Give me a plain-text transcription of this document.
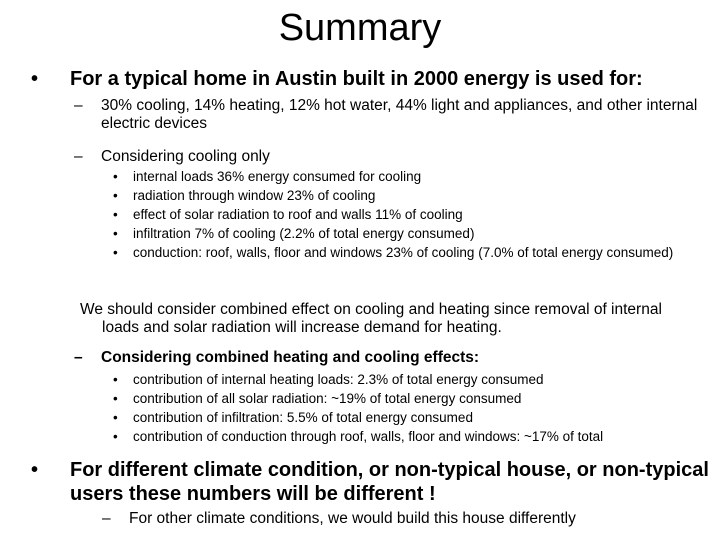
Summary
• For a typical home in Austin built in 2000 energy is used for:
– 30% cooling, 14% heating, 12% hot water, 44% light and appliances, and other internal electric devices
– Considering cooling only
• internal loads 36% energy consumed for cooling
• radiation through window 23% of cooling
• effect of solar radiation to roof and walls 11% of cooling
• infiltration 7% of cooling (2.2% of total energy consumed)
• conduction: roof, walls, floor and windows 23% of cooling (7.0% of total energy consumed)
We should consider combined effect on cooling and heating since removal of internal loads and solar radiation will increase demand for heating.
– Considering combined heating and cooling effects:
• contribution of internal heating loads: 2.3% of total energy consumed
• contribution of all solar radiation: ~19% of total energy consumed
• contribution of infiltration: 5.5% of total energy consumed
• contribution of conduction through roof, walls, floor and windows: ~17% of total
• For different climate condition, or non-typical house, or non-typical users these numbers will be different !
– For other climate conditions, we would build this house differently
